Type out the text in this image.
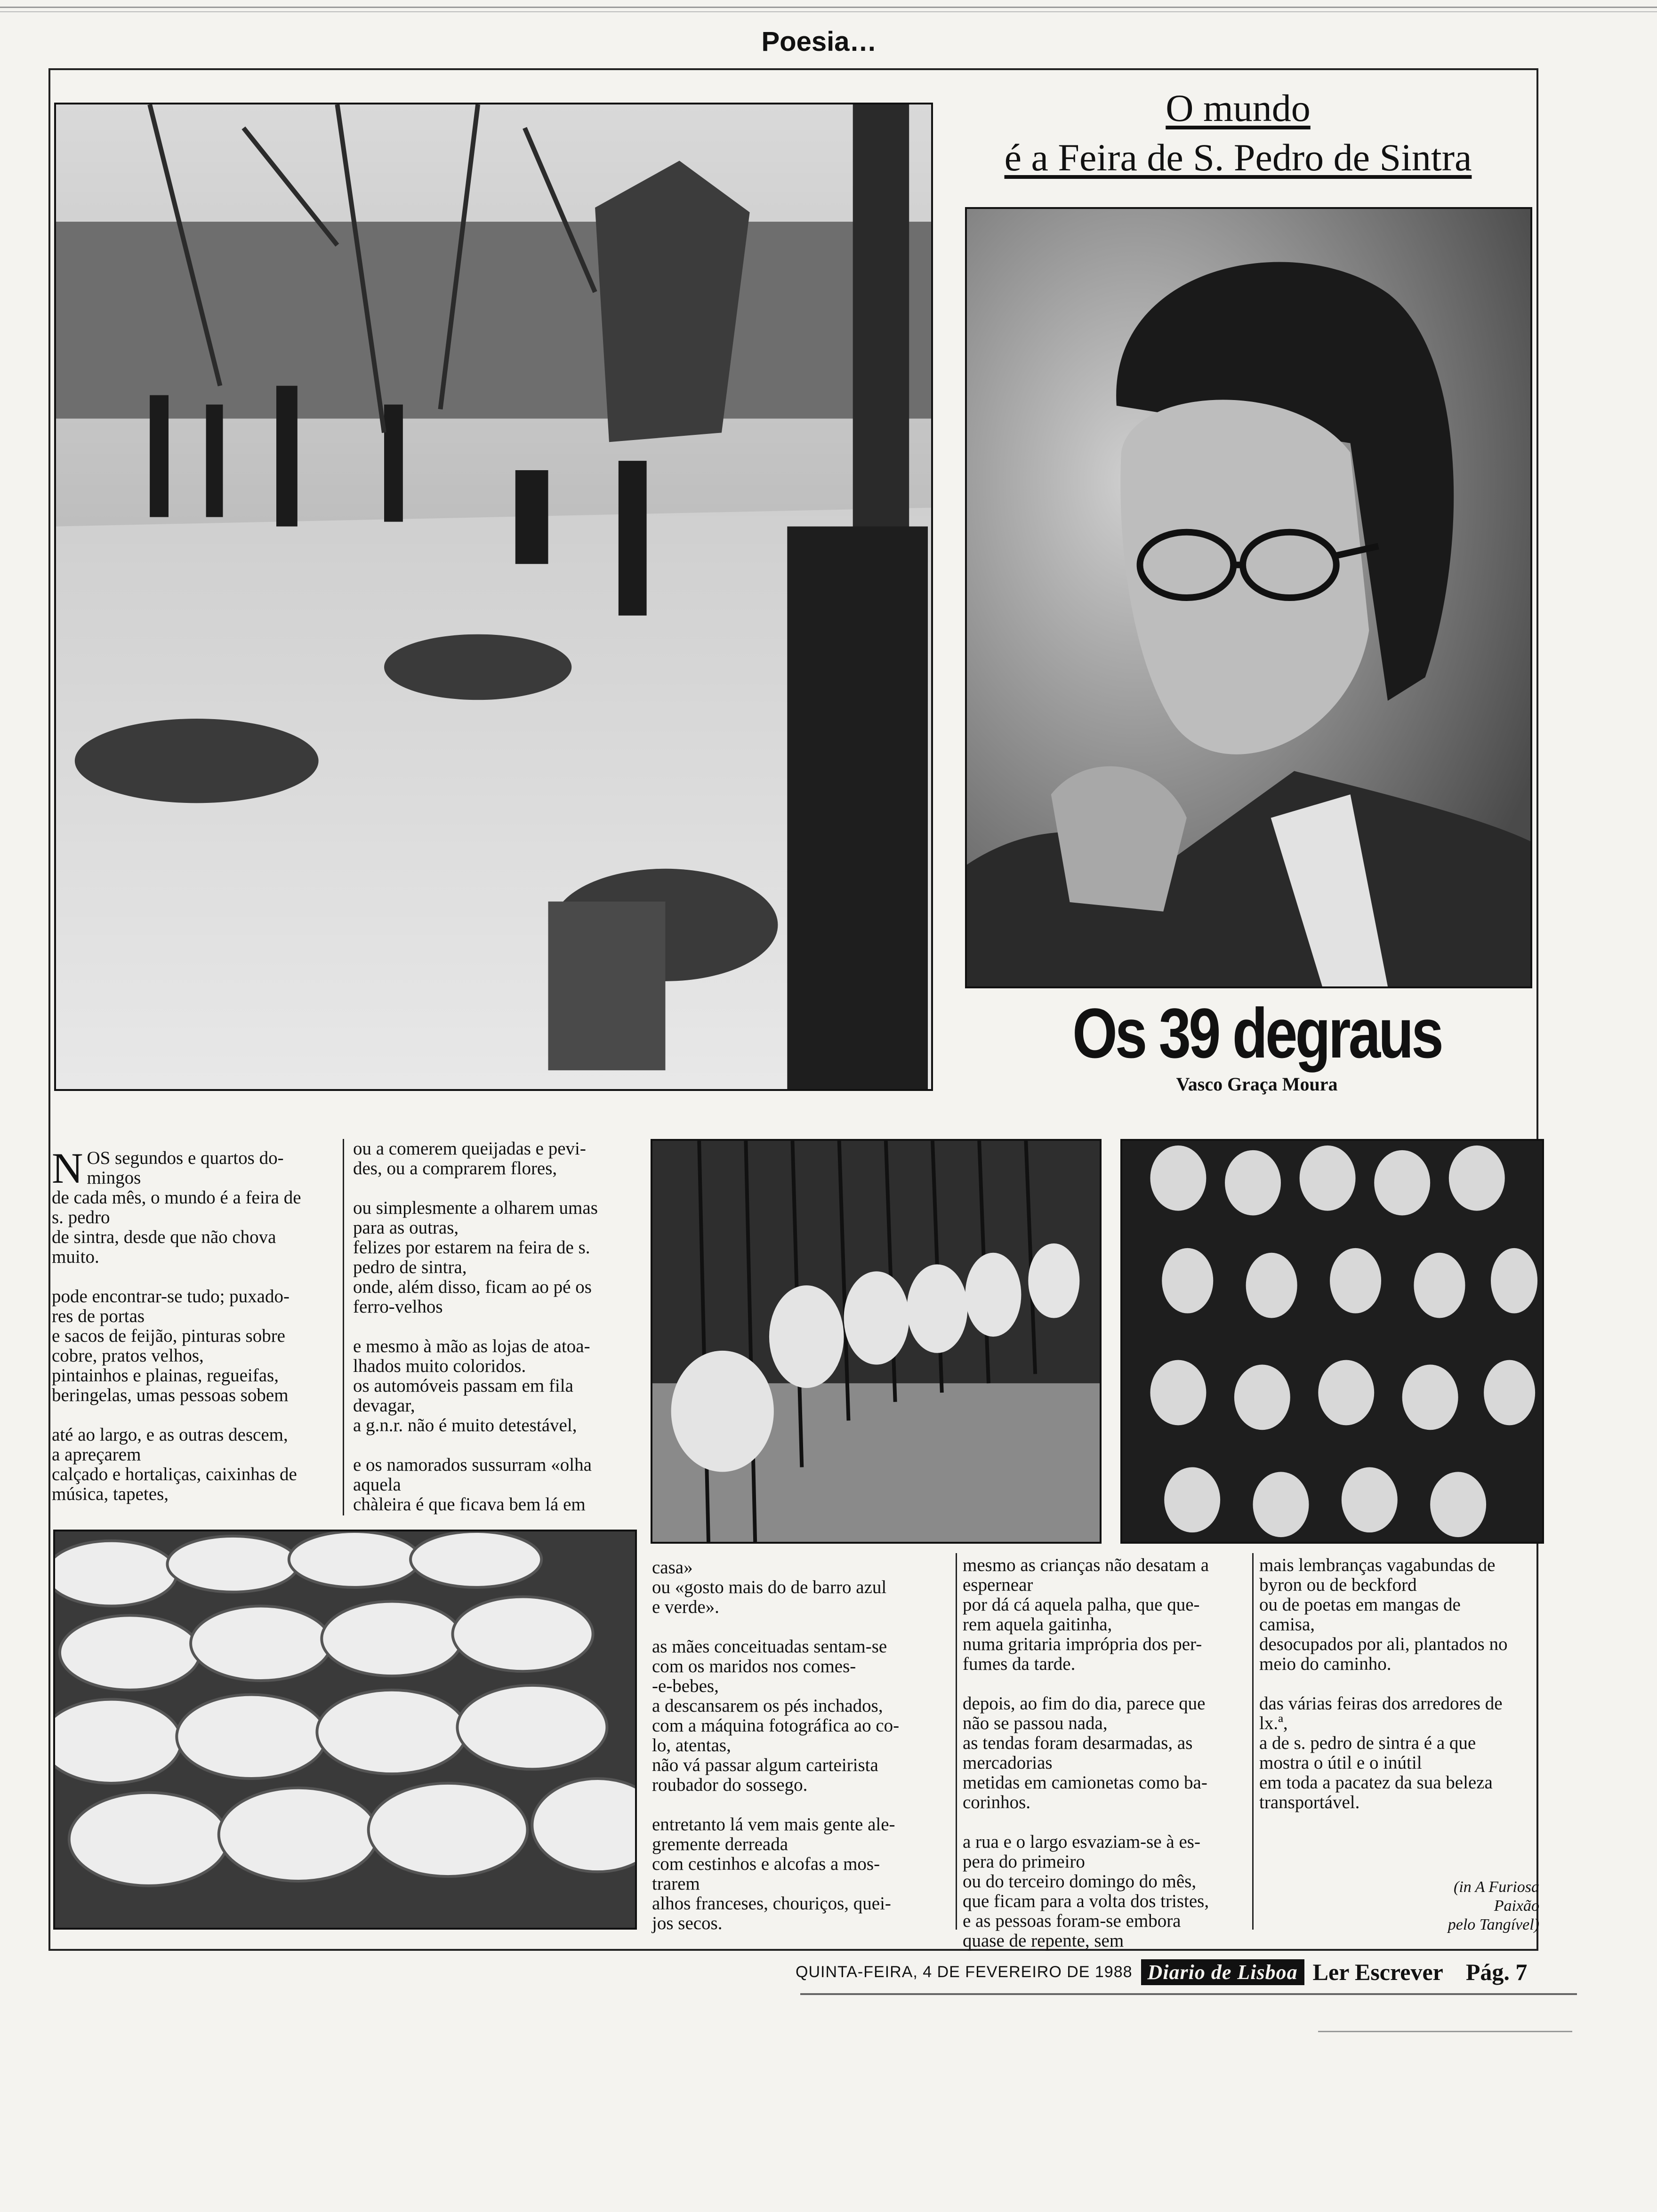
Poesia…
O mundo
é a Feira de S. Pedro de Sintra
Os 39 degraus
Vasco Graça Moura

N OS segundos e quartos do-
mingos
de cada mês, o mundo é a feira de
s. pedro
de sintra, desde que não chova
muito.

pode encontrar-se tudo; puxado-
res de portas
e sacos de feijão, pinturas sobre
cobre, pratos velhos,
pintainhos e plainas, regueifas,
beringelas, umas pessoas sobem

até ao largo, e as outras descem,
a apreçarem
calçado e hortaliças, caixinhas de
música, tapetes,

ou a comerem queijadas e pevi-
des, ou a comprarem flores,

ou simplesmente a olharem umas
para as outras,
felizes por estarem na feira de s.
pedro de sintra,
onde, além disso, ficam ao pé os
ferro-velhos

e mesmo à mão as lojas de atoa-
lhados muito coloridos.
os automóveis passam em fila
devagar,
a g.n.r. não é muito detestável,

e os namorados sussurram «olha
aquela
chàleira é que ficava bem lá em

casa»
ou «gosto mais do de barro azul
e verde».

as mães conceituadas sentam-se
com os maridos nos comes-
-e-bebes,
a descansarem os pés inchados,
com a máquina fotográfica ao co-
lo, atentas,
não vá passar algum carteirista
roubador do sossego.

entretanto lá vem mais gente ale-
gremente derreada
com cestinhos e alcofas a mos-
trarem
alhos franceses, chouriços, quei-
jos secos.

mesmo as crianças não desatam a
espernear
por dá cá aquela palha, que que-
rem aquela gaitinha,
numa gritaria imprópria dos per-
fumes da tarde.

depois, ao fim do dia, parece que
não se passou nada,
as tendas foram desarmadas, as
mercadorias
metidas em camionetas como ba-
corinhos.

a rua e o largo esvaziam-se à es-
pera do primeiro
ou do terceiro domingo do mês,
que ficam para a volta dos tristes,
e as pessoas foram-se embora
quase de repente, sem

mais lembranças vagabundas de
byron ou de beckford
ou de poetas em mangas de
camisa,
desocupados por ali, plantados no
meio do caminho.

das várias feiras dos arredores de
lx.ª,
a de s. pedro de sintra é a que
mostra o útil e o inútil
em toda a pacatez da sua beleza
transportável.

(in A Furiosa
Paixão
pelo Tangível)
QUINTA-FEIRA, 4 DE FEVEREIRO DE 1988 Diario de Lisboa Ler Escrever Pág. 7
